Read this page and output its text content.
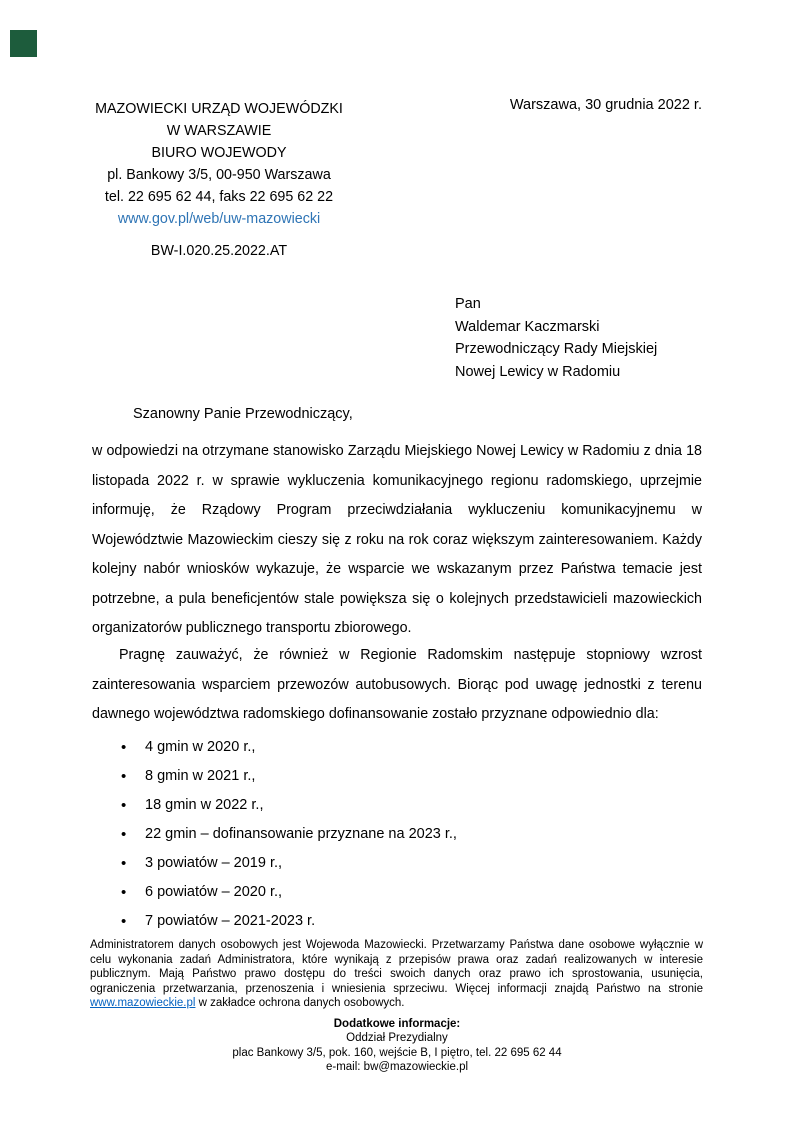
Warszawa, 30 grudnia 2022 r.
MAZOWIECKI URZĄD WOJEWÓDZKI
W WARSZAWIE
BIURO WOJEWODY
pl. Bankowy 3/5, 00-950 Warszawa
tel. 22 695 62 44, faks 22 695 62 22
www.gov.pl/web/uw-mazowiecki
BW-I.020.25.2022.AT
Pan
Waldemar Kaczmarski
Przewodniczący Rady Miejskiej
Nowej Lewicy w Radomiu
Szanowny Panie Przewodniczący,

w odpowiedzi na otrzymane stanowisko Zarządu Miejskiego Nowej Lewicy w Radomiu z dnia 18 listopada 2022 r. w sprawie wykluczenia komunikacyjnego regionu radomskiego, uprzejmie informuję, że Rządowy Program przeciwdziałania wykluczeniu komunikacyjnemu w Województwie Mazowieckim cieszy się z roku na rok coraz większym zainteresowaniem. Każdy kolejny nabór wniosków wykazuje, że wsparcie we wskazanym przez Państwa temacie jest potrzebne, a pula beneficjentów stale powiększa się o kolejnych przedstawicieli mazowieckich organizatorów publicznego transportu zbiorowego.

Pragnę zauważyć, że również w Regionie Radomskim następuje stopniowy wzrost zainteresowania wsparciem przewozów autobusowych. Biorąc pod uwagę jednostki z terenu dawnego województwa radomskiego dofinansowanie zostało przyznane odpowiednio dla:

• 4 gmin w 2020 r.,
• 8 gmin w 2021 r.,
• 18 gmin w 2022 r.,
• 22 gmin – dofinansowanie przyznane na 2023 r.,
• 3 powiatów – 2019 r.,
• 6 powiatów – 2020 r.,
• 7 powiatów – 2021-2023 r.

Administratorem danych osobowych jest Wojewoda Mazowiecki. Przetwarzamy Państwa dane osobowe wyłącznie w celu wykonania zadań Administratora, które wynikają z przepisów prawa oraz zadań realizowanych w interesie publicznym. Mają Państwo prawo dostępu do treści swoich danych oraz prawo ich sprostowania, usunięcia, ograniczenia przetwarzania, przenoszenia i wniesienia sprzeciwu. Więcej informacji znajdą Państwo na stronie www.mazowieckie.pl w zakładce ochrona danych osobowych.

Dodatkowe informacje:
Oddział Prezydialny
plac Bankowy 3/5, pok. 160, wejście B, I piętro, tel. 22 695 62 44
e-mail: bw@mazowieckie.pl
